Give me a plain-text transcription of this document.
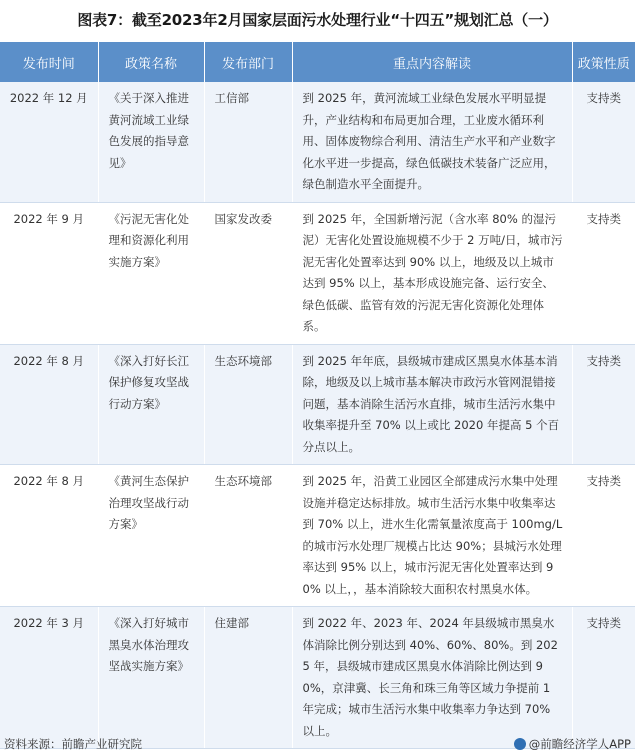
图表7：截至2023年2月国家层面污水处理行业“十四五”规划汇总（一）
发布时间	政策名称	发布部门	重点内容解读	政策性质
2022 年 12 月	《关于深入推进黄河流域工业绿色发展的指导意见》	工信部	到 2025 年，黄河流域工业绿色发展水平明显提升，产业结构和布局更加合理，工业废水循环利用、固体废物综合利用、清洁生产水平和产业数字化水平进一步提高，绿色低碳技术装备广泛应用，绿色制造水平全面提升。	支持类
2022 年 9 月	《污泥无害化处理和资源化利用实施方案》	国家发改委	到 2025 年，全国新增污泥（含水率 80% 的湿污泥）无害化处置设施规模不少于 2 万吨/日，城市污泥无害化处置率达到 90% 以上，地级及以上城市达到 95% 以上，基本形成设施完备、运行安全、绿色低碳、监管有效的污泥无害化资源化处理体系。	支持类
2022 年 8 月	《深入打好长江保护修复攻坚战行动方案》	生态环境部	到 2025 年年底，县级城市建成区黑臭水体基本消除，地级及以上城市基本解决市政污水管网混错接问题，基本消除生活污水直排，城市生活污水集中收集率提升至 70% 以上或比 2020 年提高 5 个百分点以上。	支持类
2022 年 8 月	《黄河生态保护治理攻坚战行动方案》	生态环境部	到 2025 年，沿黄工业园区全部建成污水集中处理设施并稳定达标排放。城市生活污水集中收集率达到 70% 以上，进水生化需氧量浓度高于 100mg/L 的城市污水处理厂规模占比达 90%；县城污水处理率达到 95% 以上，城市污泥无害化处置率达到 90% 以上，，基本消除较大面积农村黑臭水体。	支持类
2022 年 3 月	《深入打好城市黑臭水体治理攻坚战实施方案》	住建部	到 2022 年、2023 年、2024 年县级城市黑臭水体消除比例分别达到 40%、60%、80%。到 2025 年，县级城市建成区黑臭水体消除比例达到 90%，京津冀、长三角和珠三角等区域力争提前 1 年完成；城市生活污水集中收集率力争达到 70% 以上。	支持类
资料来源：前瞻产业研究院	@前瞻经济学人APP
